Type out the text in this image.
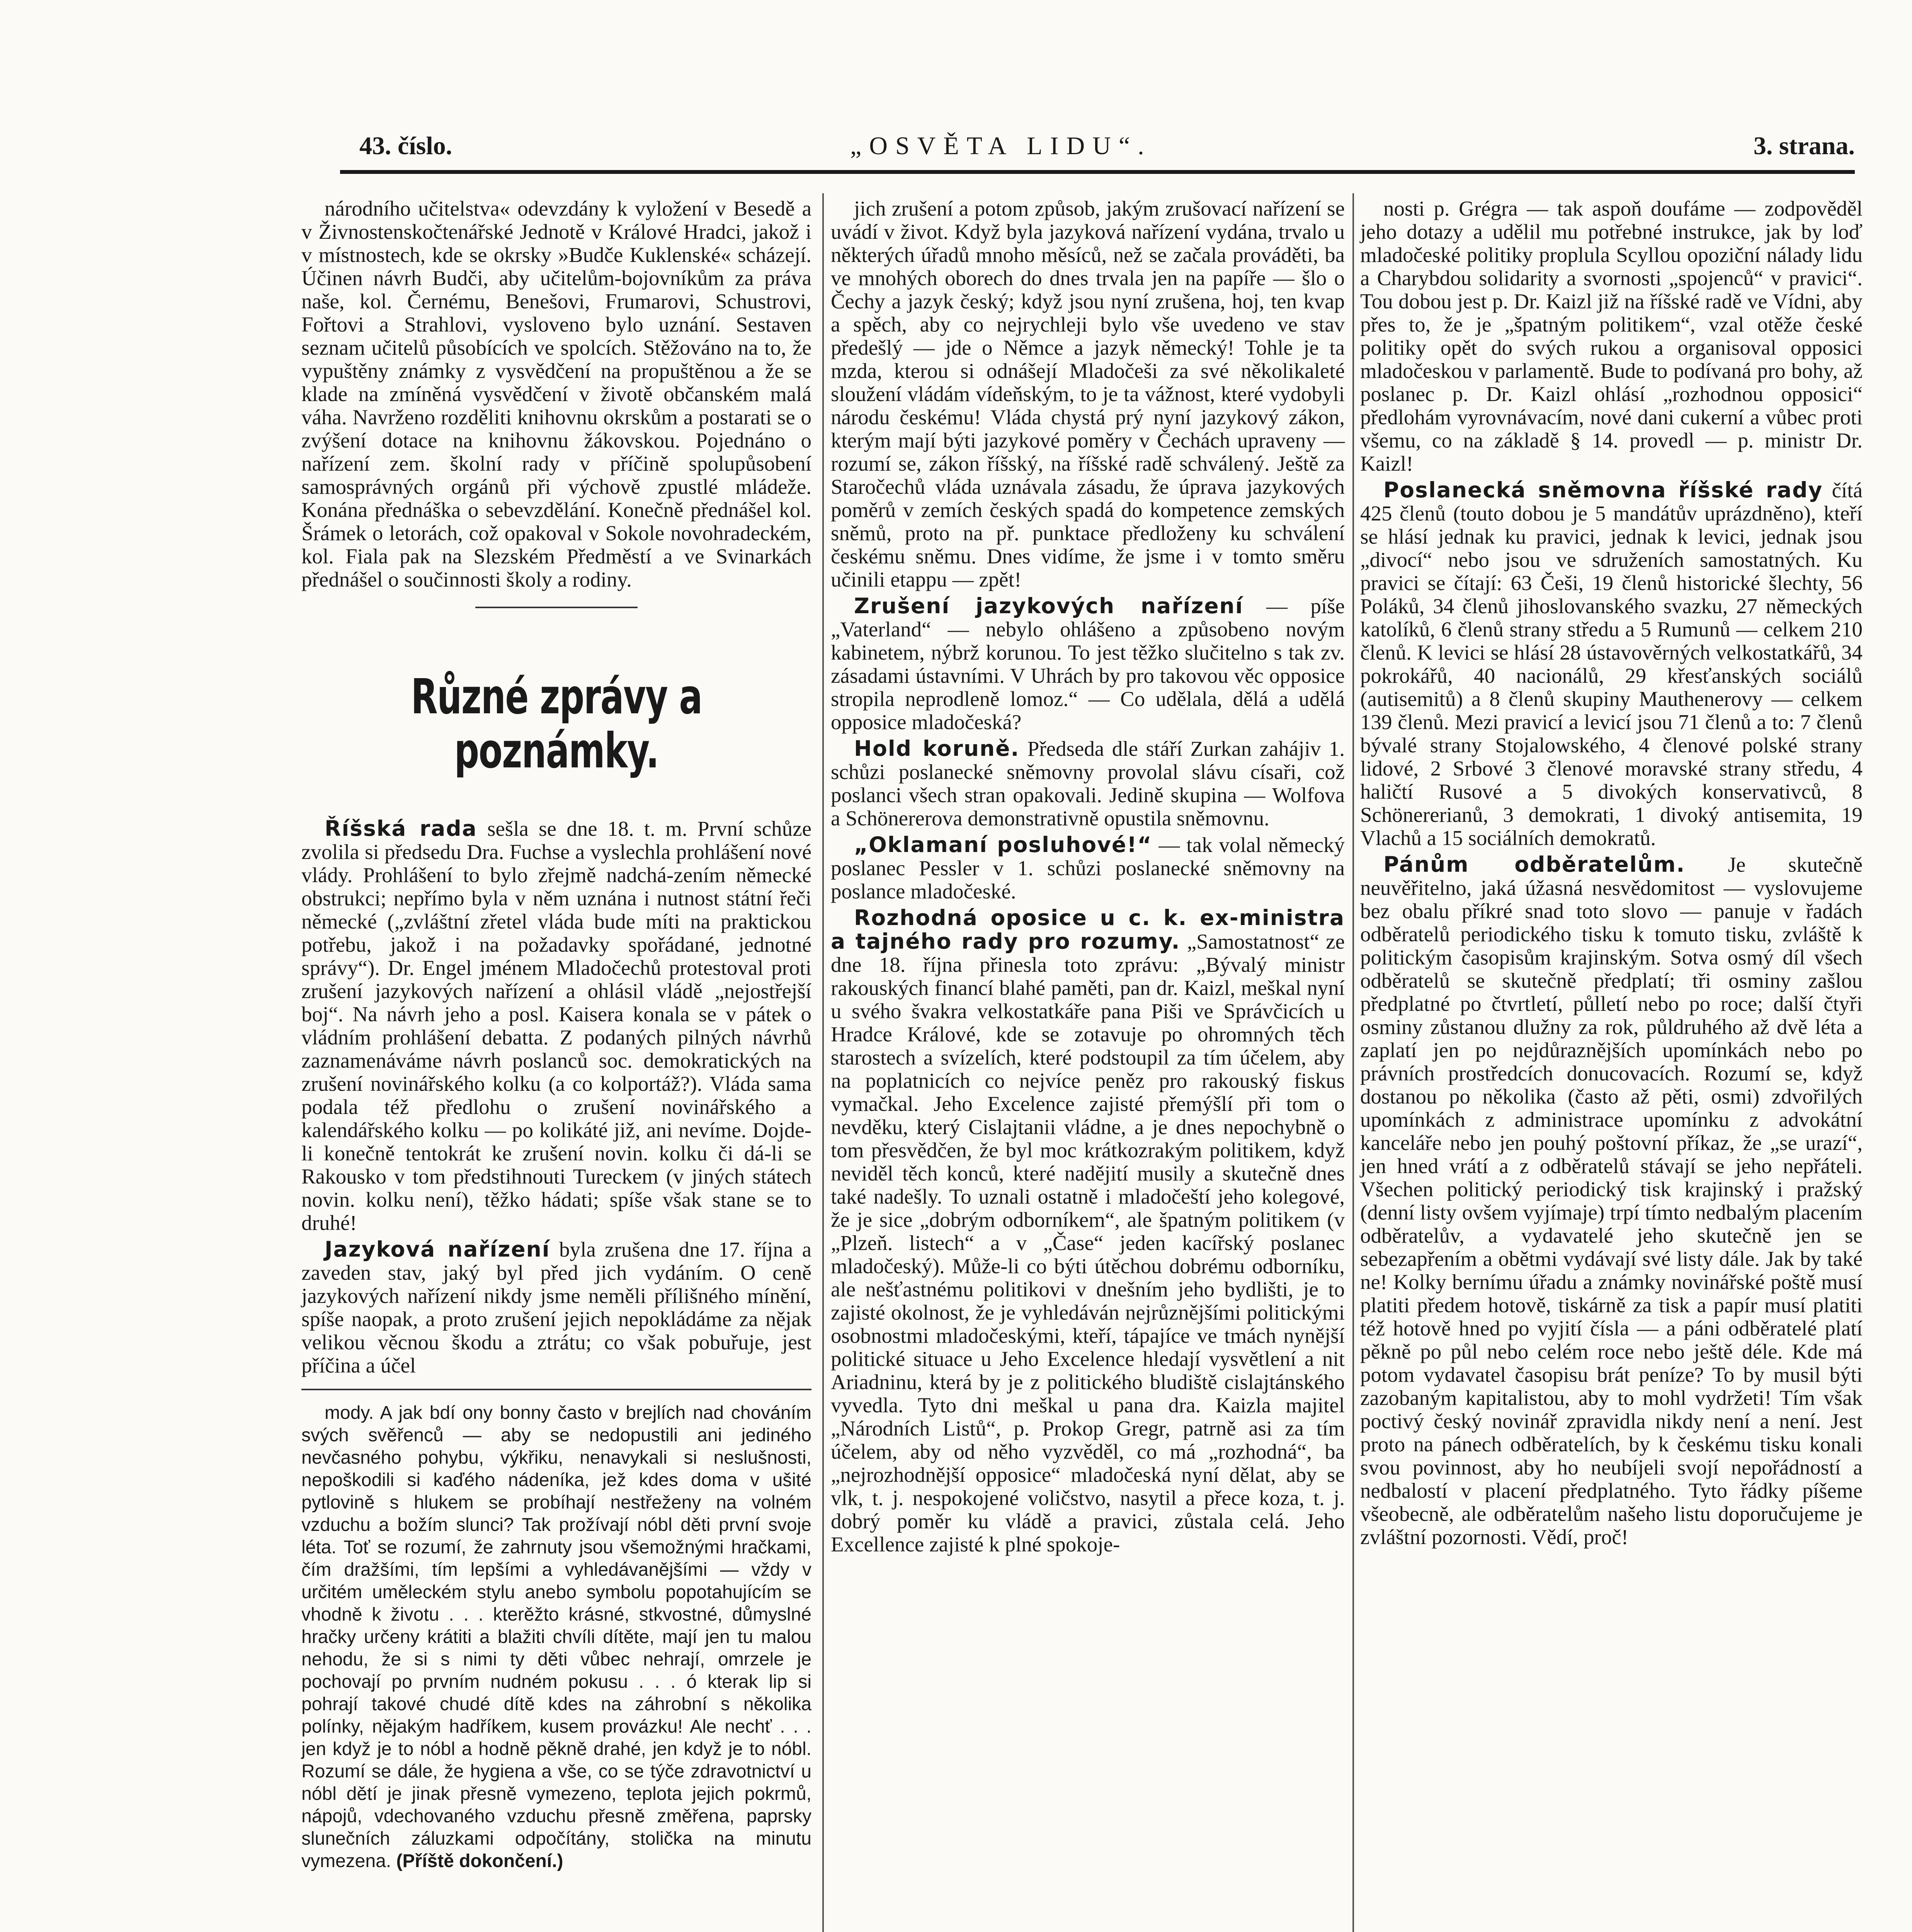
43. číslo.	„OSVĚTA LIDU“.	3. strana.

národního učitelstva« odevzdány k vyložení v Besedě a v Živnostenskočtenářské Jednotě v Králové Hradci, jakož i v místnostech, kde se okrsky »Budče Kuklenské« scházejí. Účinen návrh Budči, aby učitelům-bojovníkům za práva naše, kol. Černému, Benešovi, Frumarovi, Schustrovi, Fořtovi a Strahlovi, vysloveno bylo uznání. Sestaven seznam učitelů působících ve spolcích. Stěžováno na to, že vypuštěny známky z vysvědčení na propuštěnou a že se klade na zmíněná vysvědčení v životě občanském malá váha. Navrženo rozděliti knihovnu okrskům a postarati se o zvýšení dotace na knihovnu žákovskou. Pojednáno o nařízení zem. školní rady v příčině spolupůsobení samosprávných orgánů při výchově zpustlé mládeže. Konána přednáška o sebevzdělání. Konečně přednášel kol. Šrámek o letorách, což opakoval v Sokole novohradeckém, kol. Fiala pak na Slezském Předměstí a ve Svinarkách přednášel o součinnosti školy a rodiny.

Různé zprávy a poznámky.

Říšská rada sešla se dne 18. t. m. První schůze zvolila si předsedu Dra. Fuchse a vyslechla prohlášení nové vlády. Prohlášení to bylo zřejmě nadchá-zením německé obstrukci; nepřímo byla v něm uznána i nutnost státní řeči německé („zvláštní zřetel vláda bude míti na praktickou potřebu, jakož i na požadavky spořádané, jednotné správy“). Dr. Engel jménem Mladočechů protestoval proti zrušení jazykových nařízení a ohlásil vládě „nejostřejší boj“. Na návrh jeho a posl. Kaisera konala se v pátek o vládním prohlášení debatta. Z podaných pilných návrhů zaznamenáváme návrh poslanců soc. demokratických na zrušení novinářského kolku (a co kolportáž?). Vláda sama podala též předlohu o zrušení novinářského a kalendářského kolku — po kolikáté již, ani nevíme. Dojde-li konečně tentokrát ke zrušení novin. kolku či dá-li se Rakousko v tom předstihnouti Tureckem (v jiných státech novin. kolku není), těžko hádati; spíše však stane se to druhé!

Jazyková nařízení byla zrušena dne 17. října a zaveden stav, jaký byl před jich vydáním. O ceně jazykových nařízení nikdy jsme neměli přílišného mínění, spíše naopak, a proto zrušení jejich nepokládáme za nějak velikou věcnou škodu a ztrátu; co však pobuřuje, jest příčina a účel

mody. A jak bdí ony bonny často v brejlích nad chováním svých svěřenců — aby se nedopustili ani jediného nevčasného pohybu, výkřiku, nenavykali si neslušnosti, nepoškodili si kaďého nádeníka, jež kdes doma v ušité pytlovině s hlukem se probíhají nestřeženy na volném vzduchu a božím slunci? Tak prožívají nóbl děti první svoje léta. Toť se rozumí, že zahrnuty jsou všemožnými hračkami, čím dražšími, tím lepšími a vyhledávanějšími — vždy v určitém uměleckém stylu anebo symbolu popotahujícím se vhodně k životu . . . kterěžto krásné, stkvostné, důmyslné hračky určeny krátiti a blažiti chvíli dítěte, mají jen tu malou nehodu, že si s nimi ty děti vůbec nehrají, omrzele je pochovají po prvním nudném pokusu . . . ó kterak lip si pohrají takové chudé dítě kdes na záhrobní s několika polínky, nějakým hadříkem, kusem provázku! Ale nechť . . . jen když je to nóbl a hodně pěkně drahé, jen když je to nóbl. Rozumí se dále, že hygiena a vše, co se týče zdravotnictví u nóbl dětí je jinak přesně vymezeno, teplota jejich pokrmů, nápojů, vdechovaného vzduchu přesně změřena, paprsky slunečních záluzkami odpočítány, stolička na minutu vymezena. (Příště dokončení.)

jich zrušení a potom způsob, jakým zrušovací nařízení se uvádí v život. Když byla jazyková nařízení vydána, trvalo u některých úřadů mnoho měsíců, než se začala prováděti, ba ve mnohých oborech do dnes trvala jen na papíře — šlo o Čechy a jazyk český; když jsou nyní zrušena, hoj, ten kvap a spěch, aby co nejrychleji bylo vše uvedeno ve stav předešlý — jde o Němce a jazyk německý! Tohle je ta mzda, kterou si odnášejí Mladočeši za své několikaleté sloužení vládám vídeňským, to je ta vážnost, které vydobyli národu českému! Vláda chystá prý nyní jazykový zákon, kterým mají býti jazykové poměry v Čechách upraveny — rozumí se, zákon říšský, na říšské radě schválený. Ještě za Staročechů vláda uznávala zásadu, že úprava jazykových poměrů v zemích českých spadá do kompetence zemských sněmů, proto na př. punktace předloženy ku schválení českému sněmu. Dnes vidíme, že jsme i v tomto směru učinili etappu — zpět!

Zrušení jazykových nařízení — píše „Vaterland“ — nebylo ohlášeno a způsobeno novým kabinetem, nýbrž korunou. To jest těžko slučitelno s tak zv. zásadami ústavními. V Uhrách by pro takovou věc opposice stropila neprodleně lomoz.“ — Co udělala, dělá a udělá opposice mladočeská?

Hold koruně. Předseda dle stáří Zurkan zahájiv 1. schůzi poslanecké sněmovny provolal slávu císaři, což poslanci všech stran opakovali. Jedině skupina — Wolfova a Schönererova demonstrativně opustila sněmovnu.

„Oklamaní posluhové!“ — tak volal německý poslanec Pessler v 1. schůzi poslanecké sněmovny na poslance mladočeské.

Rozhodná oposice u c. k. ex-ministra a tajného rady pro rozumy. „Samostatnost“ ze dne 18. října přinesla toto zprávu: „Bývalý ministr rakouských financí blahé paměti, pan dr. Kaizl, meškal nyní u svého švakra velkostatkáře pana Piši ve Správčicích u Hradce Králové, kde se zotavuje po ohromných těch starostech a svízelích, které podstoupil za tím účelem, aby na poplatnicích co nejvíce peněz pro rakouský fiskus vymačkal. Jeho Excelence zajisté přemýšlí při tom o nevděku, který Cislajtanii vládne, a je dnes nepochybně o tom přesvědčen, že byl moc krátkozrakým politikem, když neviděl těch konců, které nadějití musily a skutečně dnes také nadešly. To uznali ostatně i mladočeští jeho kolegové, že je sice „dobrým odborníkem“, ale špatným politikem (v „Plzeň. listech“ a v „Čase“ jeden kacířský poslanec mladočeský). Může-li co býti útěchou dobrému odborníku, ale nešťastnému politikovi v dnešním jeho bydlišti, je to zajisté okolnost, že je vyhledáván nejrůznějšími politickými osobnostmi mladočeskými, kteří, tápajíce ve tmách nynější politické situace u Jeho Excelence hledají vysvětlení a nit Ariadninu, která by je z politického bludiště cislajtánského vyvedla. Tyto dni meškal u pana dra. Kaizla majitel „Národních Listů“, p. Prokop Gregr, patrně asi za tím účelem, aby od něho vyzvěděl, co má „rozhodná“, ba „nejrozhodnější opposice“ mladočeská nyní dělat, aby se vlk, t. j. nespokojené voličstvo, nasytil a přece koza, t. j. dobrý poměr ku vládě a pravici, zůstala celá. Jeho Excellence zajisté k plné spokoje-

nosti p. Grégra — tak aspoň doufáme — zodpověděl jeho dotazy a udělil mu potřebné instrukce, jak by loď mladočeské politiky proplula Scyllou opoziční nálady lidu a Charybdou solidarity a svornosti „spojenců“ v pravici“. Tou dobou jest p. Dr. Kaizl již na říšské radě ve Vídni, aby přes to, že je „špatným politikem“, vzal otěže české politiky opět do svých rukou a organisoval opposici mladočeskou v parlamentě. Bude to podívaná pro bohy, až poslanec p. Dr. Kaizl ohlásí „rozhodnou opposici“ předlohám vyrovnávacím, nové dani cukerní a vůbec proti všemu, co na základě § 14. provedl — p. ministr Dr. Kaizl!

Poslanecká sněmovna říšské rady čítá 425 členů (touto dobou je 5 mandátův uprázdněno), kteří se hlásí jednak ku pravici, jednak k levici, jednak jsou „divocí“ nebo jsou ve sdruženích samostatných. Ku pravici se čítají: 63 Češi, 19 členů historické šlechty, 56 Poláků, 34 členů jihoslovanského svazku, 27 německých katolíků, 6 členů strany středu a 5 Rumunů — celkem 210 členů. K levici se hlásí 28 ústavověrných velkostatkářů, 34 pokrokářů, 40 nacionálů, 29 křesťanských sociálů (autisemitů) a 8 členů skupiny Mauthenerovy — celkem 139 členů. Mezi pravicí a levicí jsou 71 členů a to: 7 členů bývalé strany Stojalowského, 4 členové polské strany lidové, 2 Srbové 3 členové moravské strany středu, 4 haličtí Rusové a 5 divokých konservativců, 8 Schönererianů, 3 demokrati, 1 divoký antisemita, 19 Vlachů a 15 sociálních demokratů.

Pánům odběratelům. Je skutečně neuvěřitelno, jaká úžasná nesvědomitost — vyslovujeme bez obalu příkré snad toto slovo — panuje v řadách odběratelů periodického tisku k tomuto tisku, zvláště k politickým časopisům krajinským. Sotva osmý díl všech odběratelů se skutečně předplatí; tři osminy zašlou předplatné po čtvrtletí, půlletí nebo po roce; další čtyři osminy zůstanou dlužny za rok, půldruhého až dvě léta a zaplatí jen po nejdůraznějších upomínkách nebo po právních prostředcích donucovacích. Rozumí se, když dostanou po několika (často až pěti, osmi) zdvořilých upomínkách z administrace upomínku z advokátní kanceláře nebo jen pouhý poštovní příkaz, že „se urazí“, jen hned vrátí a z odběratelů stávají se jeho nepřáteli. Všechen politický periodický tisk krajinský i pražský (denní listy ovšem vyjímaje) trpí tímto nedbalým placením odběratelův, a vydavatelé jeho skutečně jen se sebezapřením a obětmi vydávají své listy dále. Jak by také ne! Kolky bernímu úřadu a známky novinářské poště musí platiti předem hotově, tiskárně za tisk a papír musí platiti též hotově hned po vyjití čísla — a páni odběratelé platí pěkně po půl nebo celém roce nebo ještě déle. Kde má potom vydavatel časopisu brát peníze? To by musil býti zazobaným kapitalistou, aby to mohl vydržeti! Tím však poctivý český novinář zpravidla nikdy není a není. Jest proto na pánech odběratelích, by k českému tisku konali svou povinnost, aby ho neubíjeli svojí nepořádností a nedbalostí v placení předplatného. Tyto řádky píšeme všeobecně, ale odběratelům našeho listu doporučujeme je zvláštní pozornosti. Vědí, proč!
